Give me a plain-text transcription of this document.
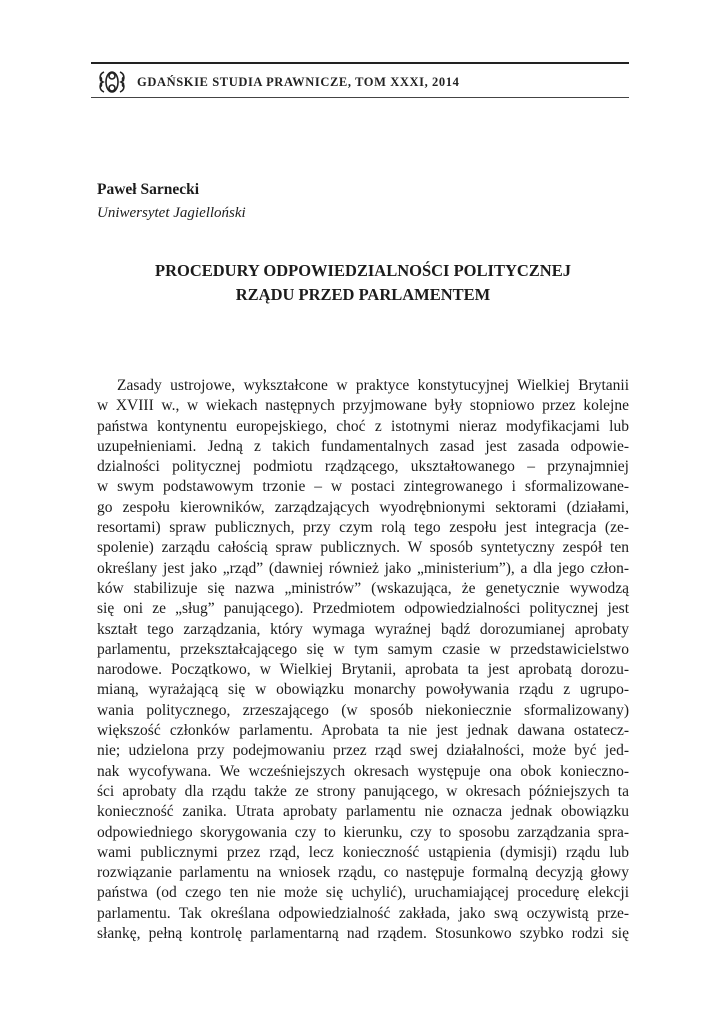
GDAŃSKIE STUDIA PRAWNICZE, TOM XXXI, 2014
Paweł Sarnecki
Uniwersytet Jagielloński
PROCEDURY ODPOWIEDZIALNOŚCI POLITYCZNEJ
RZĄDU PRZED PARLAMENTEM
Zasady ustrojowe, wykształcone w praktyce konstytucyjnej Wielkiej Brytanii
w XVIII w., w wiekach następnych przyjmowane były stopniowo przez kolejne
państwa kontynentu europejskiego, choć z istotnymi nieraz modyfikacjami lub
uzupełnieniami. Jedną z takich fundamentalnych zasad jest zasada odpowie-
dzialności politycznej podmiotu rządzącego, ukształtowanego – przynajmniej
w swym podstawowym trzonie – w postaci zintegrowanego i sformalizowane-
go zespołu kierowników, zarządzających wyodrębnionymi sektorami (działami,
resortami) spraw publicznych, przy czym rolą tego zespołu jest integracja (ze-
spolenie) zarządu całością spraw publicznych. W sposób syntetyczny zespół ten
określany jest jako „rząd” (dawniej również jako „ministerium”), a dla jego człon-
ków stabilizuje się nazwa „ministrów” (wskazująca, że genetycznie wywodzą
się oni ze „sług” panującego). Przedmiotem odpowiedzialności politycznej jest
kształt tego zarządzania, który wymaga wyraźnej bądź dorozumianej aprobaty
parlamentu, przekształcającego się w tym samym czasie w przedstawicielstwo
narodowe. Początkowo, w Wielkiej Brytanii, aprobata ta jest aprobatą dorozu-
mianą, wyrażającą się w obowiązku monarchy powoływania rządu z ugrupo-
wania politycznego, zrzeszającego (w sposób niekoniecznie sformalizowany)
większość członków parlamentu. Aprobata ta nie jest jednak dawana ostatecz-
nie; udzielona przy podejmowaniu przez rząd swej działalności, może być jed-
nak wycofywana. We wcześniejszych okresach występuje ona obok konieczno-
ści aprobaty dla rządu także ze strony panującego, w okresach późniejszych ta
konieczność zanika. Utrata aprobaty parlamentu nie oznacza jednak obowiązku
odpowiedniego skorygowania czy to kierunku, czy to sposobu zarządzania spra-
wami publicznymi przez rząd, lecz konieczność ustąpienia (dymisji) rządu lub
rozwiązanie parlamentu na wniosek rządu, co następuje formalną decyzją głowy
państwa (od czego ten nie może się uchylić), uruchamiającej procedurę elekcji
parlamentu. Tak określana odpowiedzialność zakłada, jako swą oczywistą prze-
słankę, pełną kontrolę parlamentarną nad rządem. Stosunkowo szybko rodzi się
